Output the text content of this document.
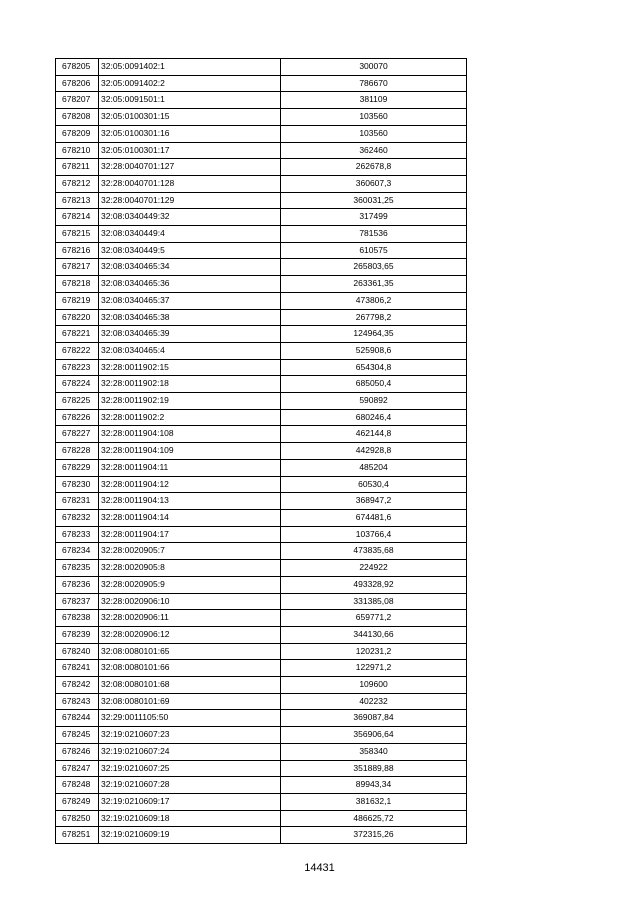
678205	32:05:0091402:1	300070
678206	32:05:0091402:2	786670
678207	32:05:0091501:1	381109
678208	32:05:0100301:15	103560
678209	32:05:0100301:16	103560
678210	32:05:0100301:17	362460
678211	32:28:0040701:127	262678,8
678212	32:28:0040701:128	360607,3
678213	32:28:0040701:129	360031,25
678214	32:08:0340449:32	317499
678215	32:08:0340449:4	781536
678216	32:08:0340449:5	610575
678217	32:08:0340465:34	265803,65
678218	32:08:0340465:36	263361,35
678219	32:08:0340465:37	473806,2
678220	32:08:0340465:38	267798,2
678221	32:08:0340465:39	124964,35
678222	32:08:0340465:4	525908,6
678223	32:28:0011902:15	654304,8
678224	32:28:0011902:18	685050,4
678225	32:28:0011902:19	590892
678226	32:28:0011902:2	680246,4
678227	32:28:0011904:108	462144,8
678228	32:28:0011904:109	442928,8
678229	32:28:0011904:11	485204
678230	32:28:0011904:12	60530,4
678231	32:28:0011904:13	368947,2
678232	32:28:0011904:14	674481,6
678233	32:28:0011904:17	103766,4
678234	32:28:0020905:7	473835,68
678235	32:28:0020905:8	224922
678236	32:28:0020905:9	493328,92
678237	32:28:0020906:10	331385,08
678238	32:28:0020906:11	659771,2
678239	32:28:0020906:12	344130,66
678240	32:08:0080101:65	120231,2
678241	32:08:0080101:66	122971,2
678242	32:08:0080101:68	109600
678243	32:08:0080101:69	402232
678244	32:29:0011105:50	369087,84
678245	32:19:0210607:23	356906,64
678246	32:19:0210607:24	358340
678247	32:19:0210607:25	351889,88
678248	32:19:0210607:28	89943,34
678249	32:19:0210609:17	381632,1
678250	32:19:0210609:18	486625,72
678251	32:19:0210609:19	372315,26
14431
